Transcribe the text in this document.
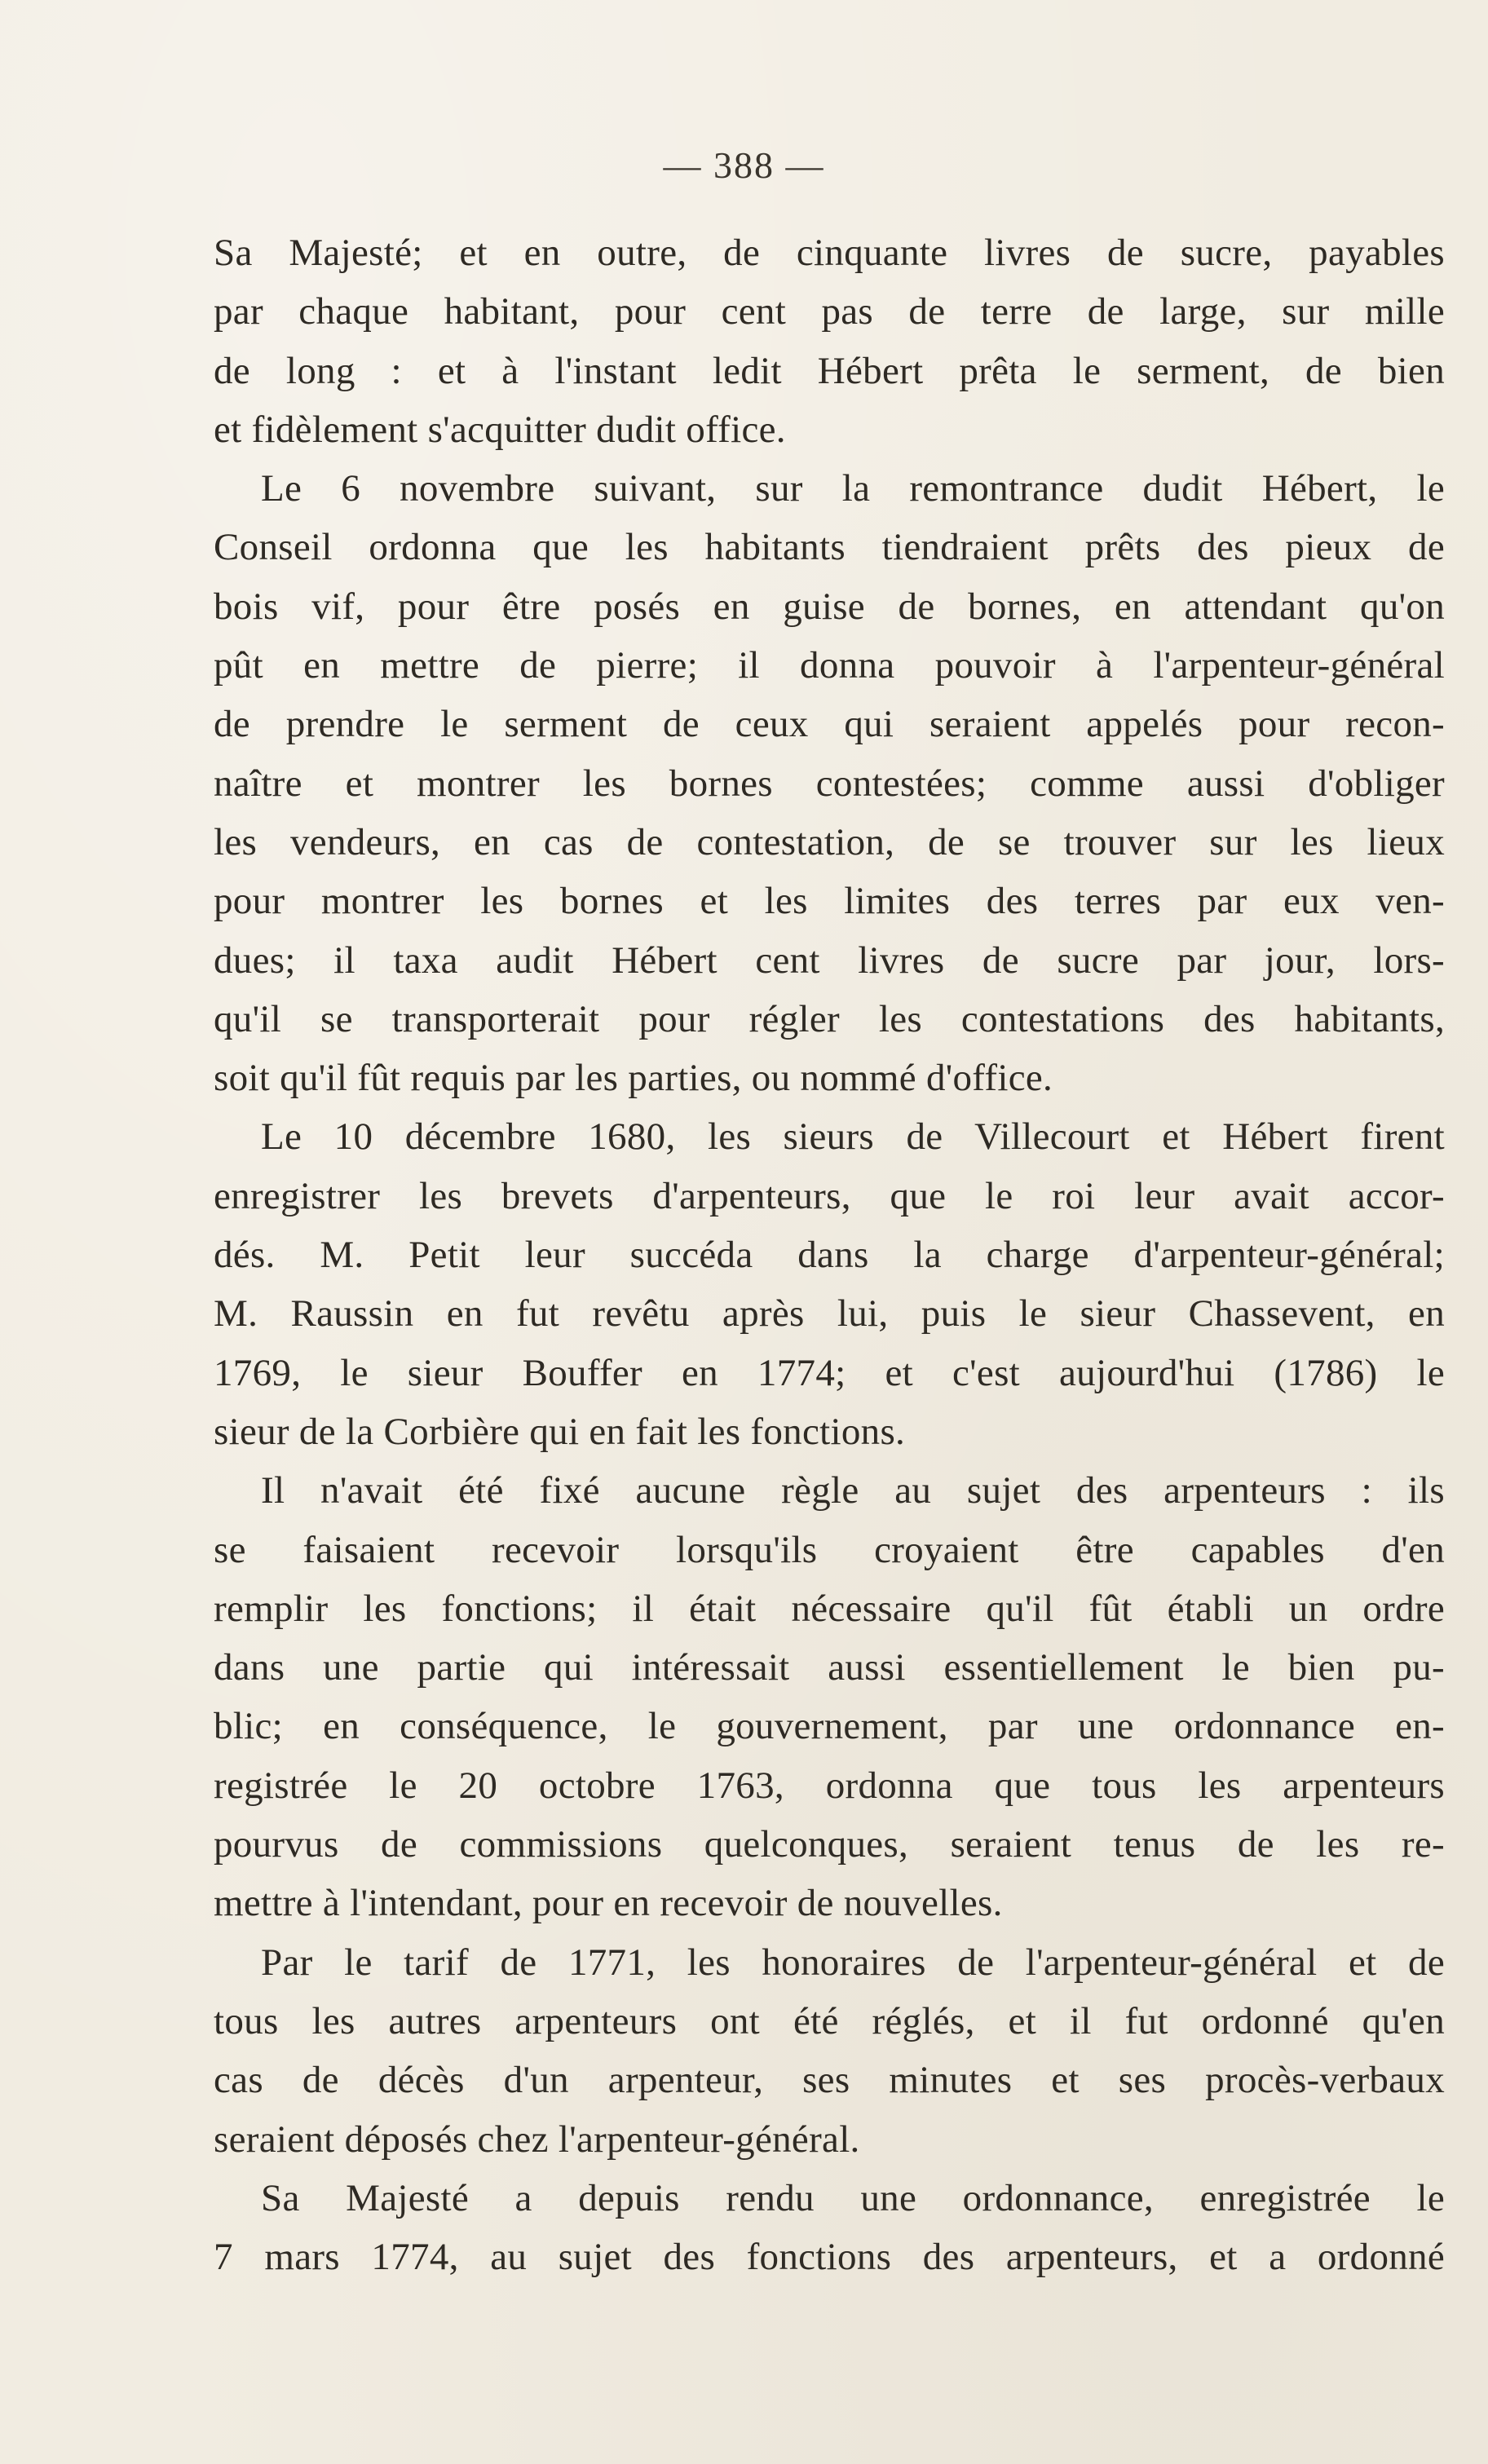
— 388 —
Sa Majesté; et en outre, de cinquante livres de sucre, payables
par chaque habitant, pour cent pas de terre de large, sur mille
de long : et à l'instant ledit Hébert prêta le serment, de bien
et fidèlement s'acquitter dudit office.
Le 6 novembre suivant, sur la remontrance dudit Hébert, le
Conseil ordonna que les habitants tiendraient prêts des pieux de
bois vif, pour être posés en guise de bornes, en attendant qu'on
pût en mettre de pierre; il donna pouvoir à l'arpenteur-général
de prendre le serment de ceux qui seraient appelés pour recon-
naître et montrer les bornes contestées; comme aussi d'obliger
les vendeurs, en cas de contestation, de se trouver sur les lieux
pour montrer les bornes et les limites des terres par eux ven-
dues; il taxa audit Hébert cent livres de sucre par jour, lors-
qu'il se transporterait pour régler les contestations des habitants,
soit qu'il fût requis par les parties, ou nommé d'office.
Le 10 décembre 1680, les sieurs de Villecourt et Hébert firent
enregistrer les brevets d'arpenteurs, que le roi leur avait accor-
dés. M. Petit leur succéda dans la charge d'arpenteur-général;
M. Raussin en fut revêtu après lui, puis le sieur Chassevent, en
1769, le sieur Bouffer en 1774; et c'est aujourd'hui (1786) le
sieur de la Corbière qui en fait les fonctions.
Il n'avait été fixé aucune règle au sujet des arpenteurs : ils
se faisaient recevoir lorsqu'ils croyaient être capables d'en
remplir les fonctions; il était nécessaire qu'il fût établi un ordre
dans une partie qui intéressait aussi essentiellement le bien pu-
blic; en conséquence, le gouvernement, par une ordonnance en-
registrée le 20 octobre 1763, ordonna que tous les arpenteurs
pourvus de commissions quelconques, seraient tenus de les re-
mettre à l'intendant, pour en recevoir de nouvelles.
Par le tarif de 1771, les honoraires de l'arpenteur-général et de
tous les autres arpenteurs ont été réglés, et il fut ordonné qu'en
cas de décès d'un arpenteur, ses minutes et ses procès-verbaux
seraient déposés chez l'arpenteur-général.
Sa Majesté a depuis rendu une ordonnance, enregistrée le
7 mars 1774, au sujet des fonctions des arpenteurs, et a ordonné
